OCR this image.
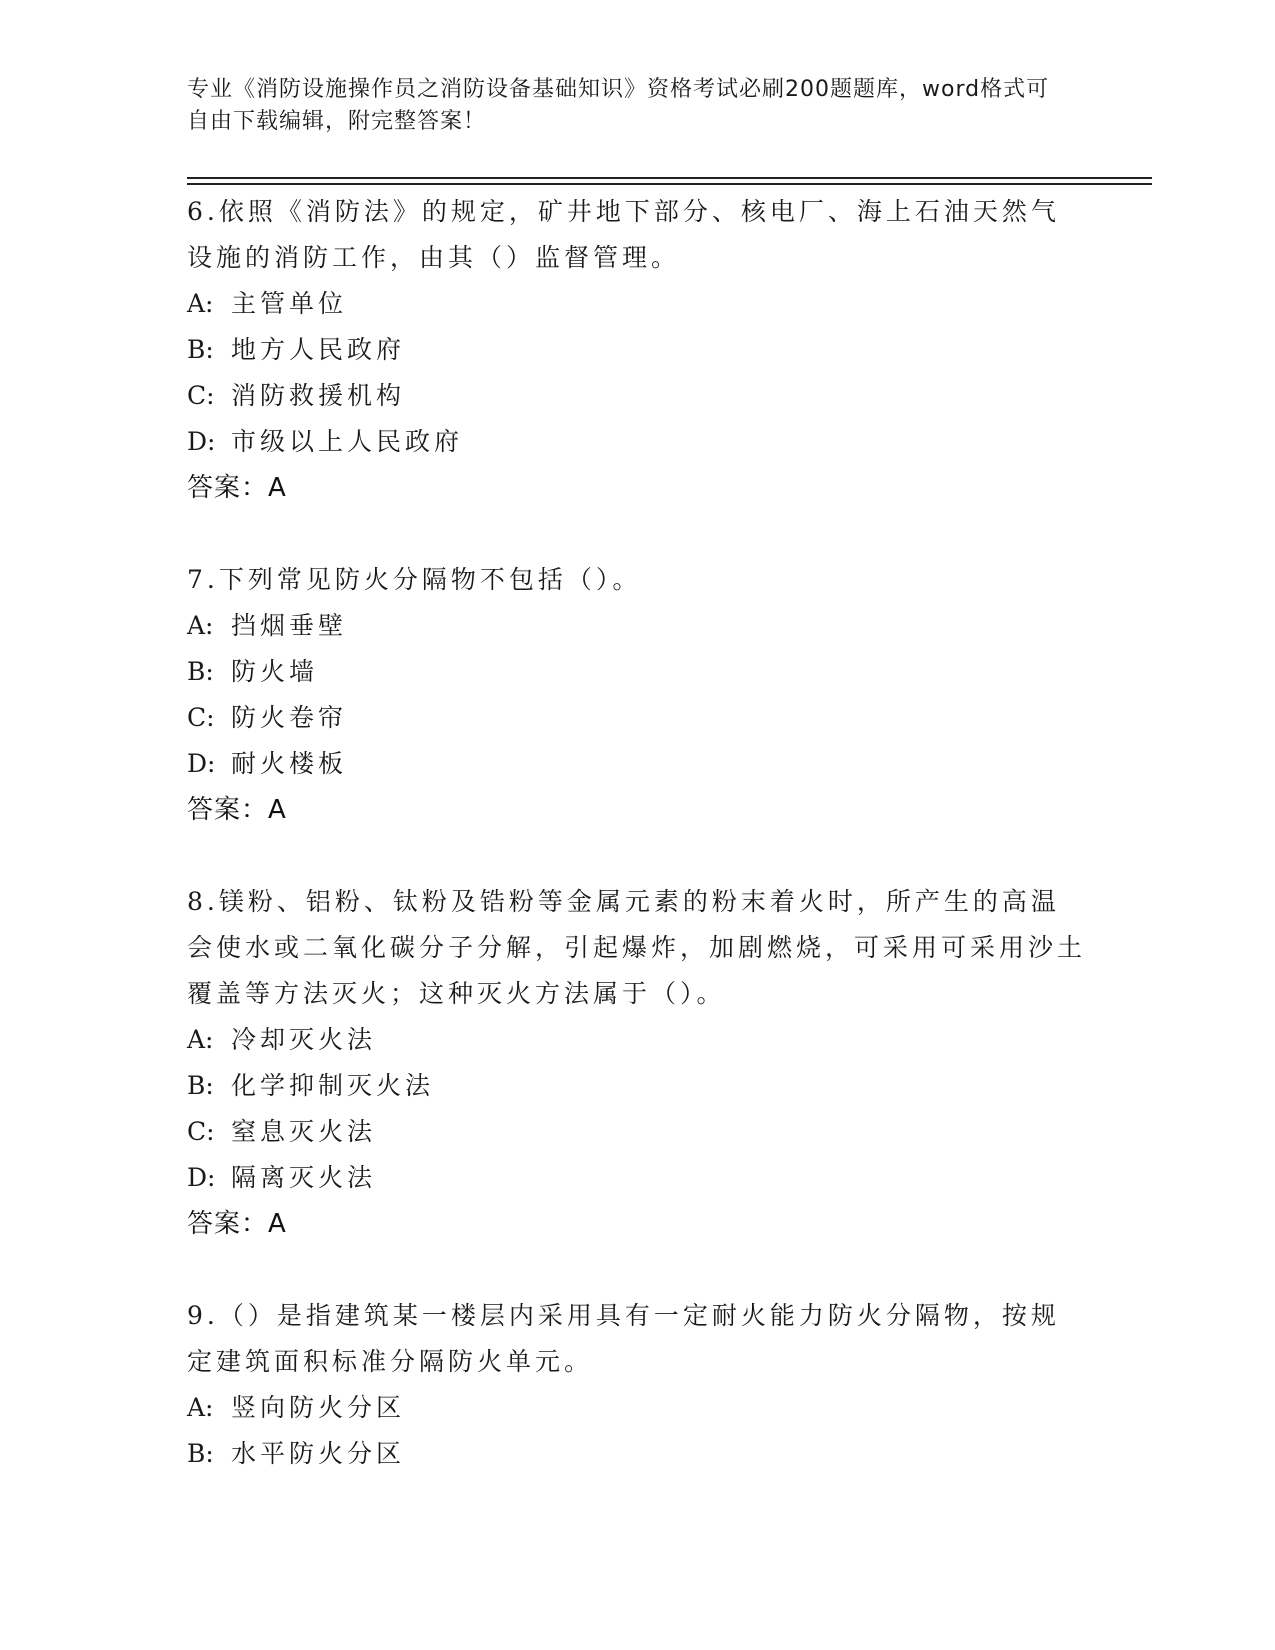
专业《消防设施操作员之消防设备基础知识》资格考试必刷200题题库，word格式可自由下载编辑，附完整答案！
6.依照《消防法》的规定，矿井地下部分、核电厂、海上石油天然气设施的消防工作，由其（）监督管理。
A: 主管单位
B: 地方人民政府
C: 消防救援机构
D: 市级以上人民政府
答案：A
7.下列常见防火分隔物不包括（）。
A: 挡烟垂壁
B: 防火墙
C: 防火卷帘
D: 耐火楼板
答案：A
8.镁粉、铝粉、钛粉及锆粉等金属元素的粉末着火时，所产生的高温会使水或二氧化碳分子分解，引起爆炸，加剧燃烧，可采用可采用沙土覆盖等方法灭火；这种灭火方法属于（）。
A: 冷却灭火法
B: 化学抑制灭火法
C: 窒息灭火法
D: 隔离灭火法
答案：A
9.（）是指建筑某一楼层内采用具有一定耐火能力防火分隔物，按规定建筑面积标准分隔防火单元。
A: 竖向防火分区
B: 水平防火分区
